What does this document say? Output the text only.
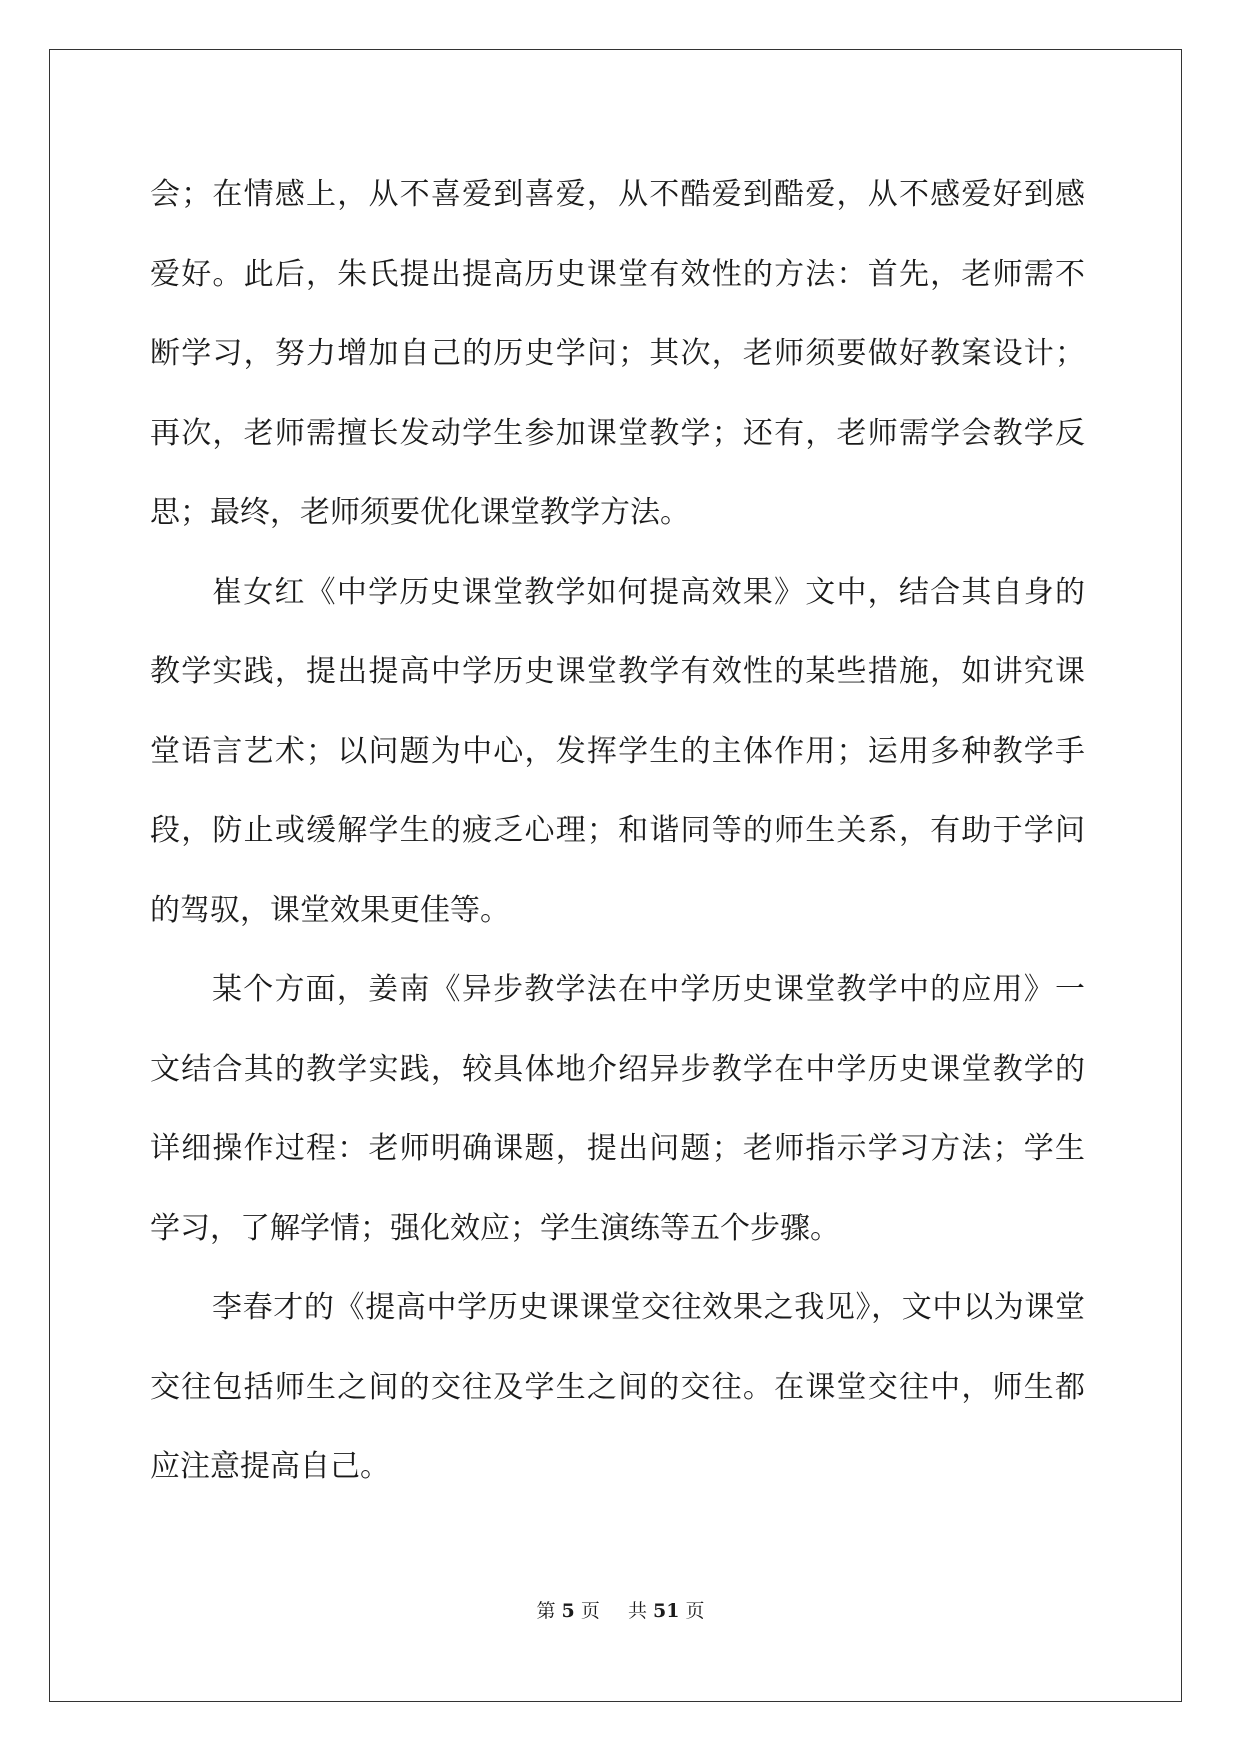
会；在情感上，从不喜爱到喜爱，从不酷爱到酷爱，从不感爱好到感
爱好。此后，朱氏提出提高历史课堂有效性的方法：首先，老师需不
断学习，努力增加自己的历史学问；其次，老师须要做好教案设计；
再次，老师需擅长发动学生参加课堂教学；还有，老师需学会教学反
思；最终，老师须要优化课堂教学方法。
崔女红《中学历史课堂教学如何提高效果》文中，结合其自身的
教学实践，提出提高中学历史课堂教学有效性的某些措施，如讲究课
堂语言艺术；以问题为中心，发挥学生的主体作用；运用多种教学手
段，防止或缓解学生的疲乏心理；和谐同等的师生关系，有助于学问
的驾驭，课堂效果更佳等。
某个方面，姜南《异步教学法在中学历史课堂教学中的应用》一
文结合其的教学实践，较具体地介绍异步教学在中学历史课堂教学的
详细操作过程：老师明确课题，提出问题；老师指示学习方法；学生
学习，了解学情；强化效应；学生演练等五个步骤。
李春才的《提高中学历史课课堂交往效果之我见》，文中以为课堂
交往包括师生之间的交往及学生之间的交往。在课堂交往中，师生都
应注意提高自己。
第 5 页 共 51 页
